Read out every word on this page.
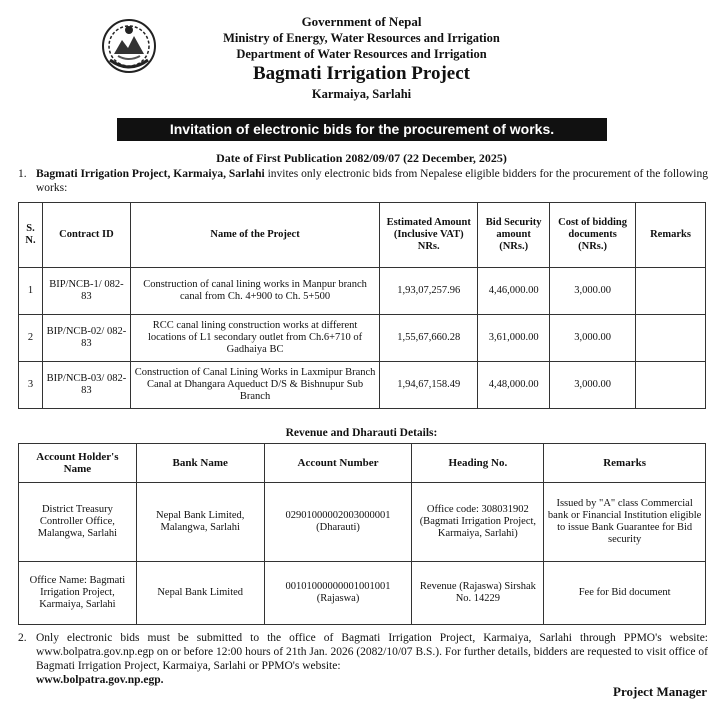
Government of Nepal
Ministry of Energy, Water Resources and Irrigation
Department of Water Resources and Irrigation
Bagmati Irrigation Project
Karmaiya, Sarlahi
Invitation of electronic bids for the procurement of works.
Date of First Publication 2082/09/07 (22 December, 2025)
1. Bagmati Irrigation Project, Karmaiya, Sarlahi invites only electronic bids from Nepalese eligible bidders for the procurement of the following works:
S. N.	Contract ID	Name of the Project	Estimated Amount (Inclusive VAT) NRs.	Bid Security amount (NRs.)	Cost of bidding documents (NRs.)	Remarks
1	BIP/NCB-1/ 082-83	Construction of canal lining works in Manpur branch canal from Ch. 4+900 to Ch. 5+500	1,93,07,257.96	4,46,000.00	3,000.00	
2	BIP/NCB-02/ 082-83	RCC canal lining construction works at different locations of L1 secondary outlet from Ch.6+710 of Gadhaiya BC	1,55,67,660.28	3,61,000.00	3,000.00	
3	BIP/NCB-03/ 082-83	Construction of Canal Lining Works in Laxmipur Branch Canal at Dhangara Aqueduct D/S & Bishnupur Sub Branch	1,94,67,158.49	4,48,000.00	3,000.00	
Revenue and Dharauti Details:
Account Holder's Name	Bank Name	Account Number	Heading No.	Remarks
District Treasury Controller Office, Malangwa, Sarlahi	Nepal Bank Limited, Malangwa, Sarlahi	02901000002003000001 (Dharauti)	Office code: 308031902 (Bagmati Irrigation Project, Karmaiya, Sarlahi)	Issued by "A" class Commercial bank or Financial Institution eligible to issue Bank Guarantee for Bid security
Office Name: Bagmati Irrigation Project, Karmaiya, Sarlahi	Nepal Bank Limited	00101000000001001001 (Rajaswa)	Revenue (Rajaswa) Sirshak No. 14229	Fee for Bid document
2. Only electronic bids must be submitted to the office of Bagmati Irrigation Project, Karmaiya, Sarlahi through PPMO's website: www.bolpatra.gov.np.egp on or before 12:00 hours of 21th Jan. 2026 (2082/10/07 B.S.). For further details, bidders are requested to visit office of Bagmati Irrigation Project, Karmaiya, Sarlahi or PPMO's website:
www.bolpatra.gov.np.egp.
Project Manager
